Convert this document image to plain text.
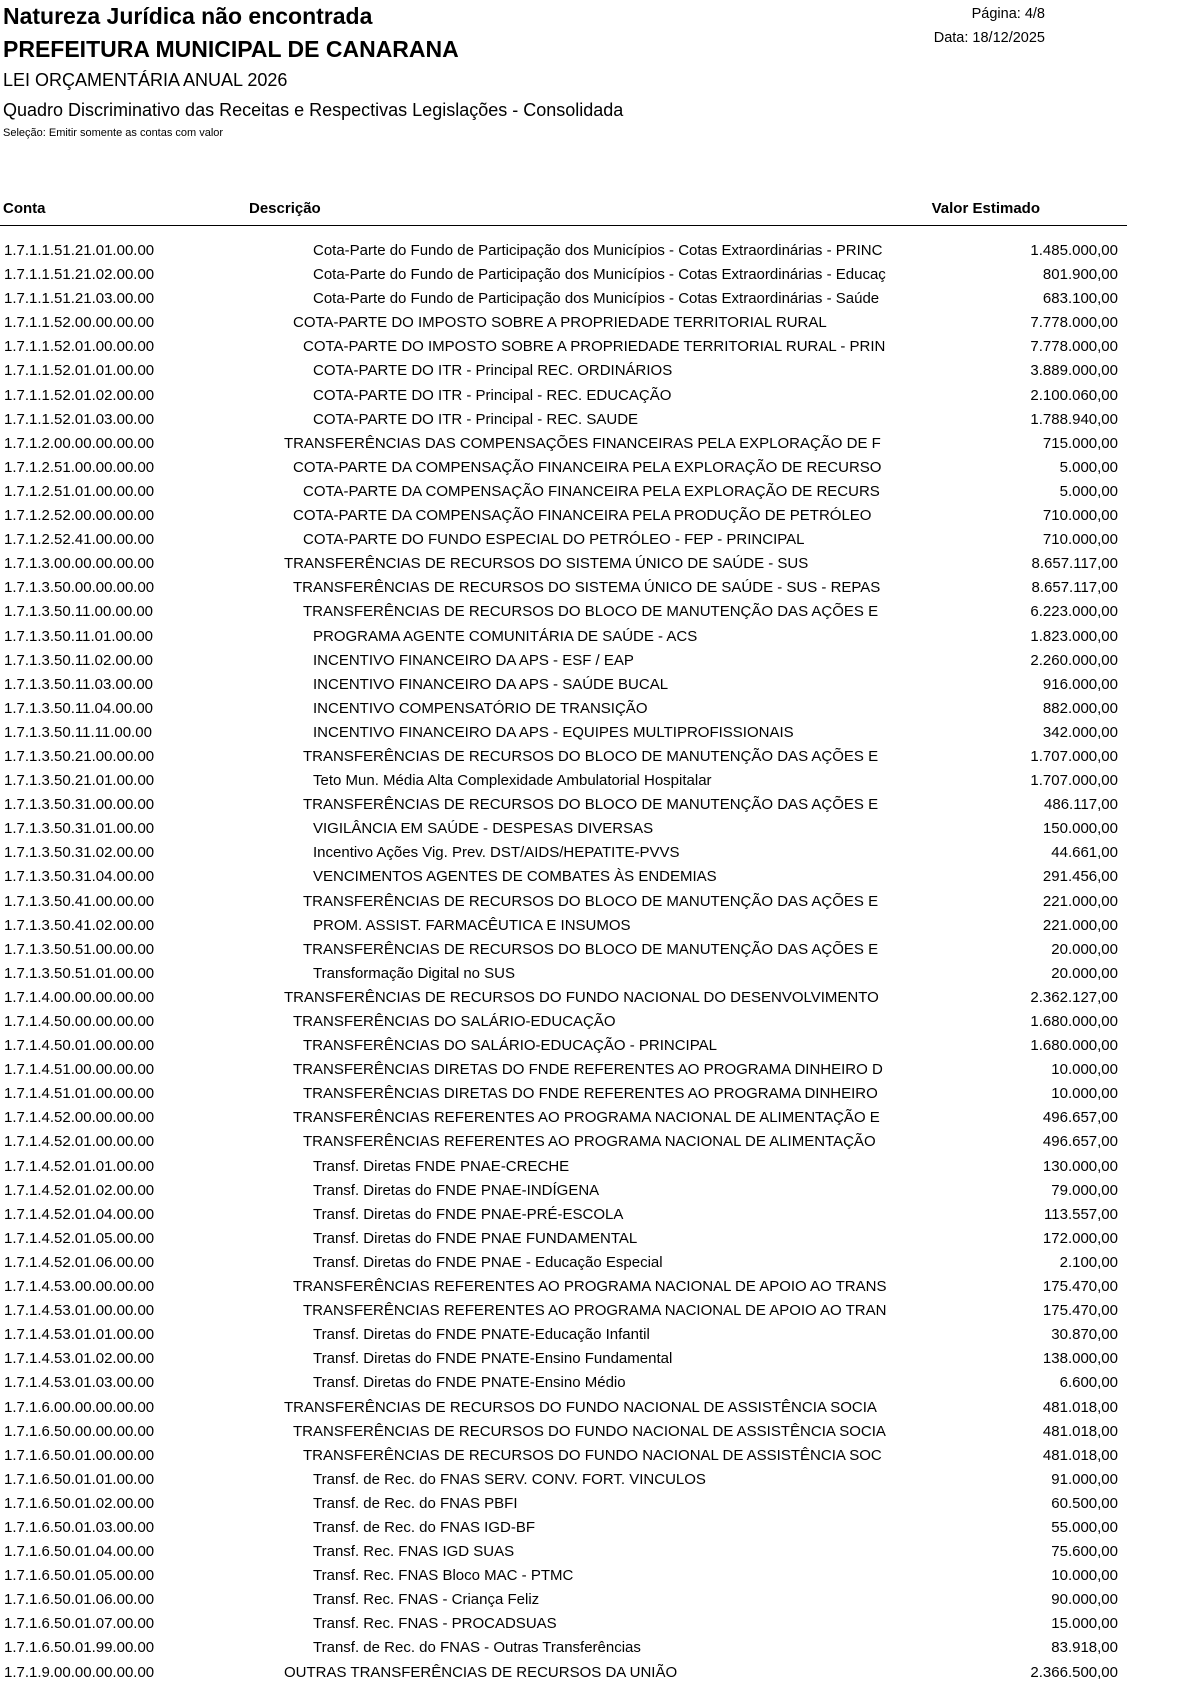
Natureza Jurídica não encontrada
PREFEITURA MUNICIPAL DE CANARANA
LEI ORÇAMENTÁRIA ANUAL 2026
Quadro Discriminativo das Receitas e Respectivas Legislações - Consolidada
Seleção: Emitir somente as contas com valor
Página: 4/8
Data: 18/12/2025
Conta	Descrição	Valor Estimado
1.7.1.1.51.21.01.00.00	Cota-Parte do Fundo de Participação dos Municípios - Cotas Extraordinárias - PRINC	1.485.000,00
1.7.1.1.51.21.02.00.00	Cota-Parte do Fundo de Participação dos Municípios - Cotas Extraordinárias - Educaç	801.900,00
1.7.1.1.51.21.03.00.00	Cota-Parte do Fundo de Participação dos Municípios - Cotas Extraordinárias - Saúde	683.100,00
1.7.1.1.52.00.00.00.00	COTA-PARTE DO IMPOSTO SOBRE A PROPRIEDADE TERRITORIAL RURAL	7.778.000,00
1.7.1.1.52.01.00.00.00	COTA-PARTE DO IMPOSTO SOBRE A PROPRIEDADE TERRITORIAL RURAL - PRIN	7.778.000,00
1.7.1.1.52.01.01.00.00	COTA-PARTE DO ITR - Principal REC. ORDINÁRIOS	3.889.000,00
1.7.1.1.52.01.02.00.00	COTA-PARTE DO ITR - Principal - REC. EDUCAÇÃO	2.100.060,00
1.7.1.1.52.01.03.00.00	COTA-PARTE DO ITR - Principal - REC. SAUDE	1.788.940,00
1.7.1.2.00.00.00.00.00	TRANSFERÊNCIAS DAS COMPENSAÇÕES FINANCEIRAS PELA EXPLORAÇÃO DE F	715.000,00
1.7.1.2.51.00.00.00.00	COTA-PARTE DA COMPENSAÇÃO FINANCEIRA PELA EXPLORAÇÃO DE RECURSO	5.000,00
1.7.1.2.51.01.00.00.00	COTA-PARTE DA COMPENSAÇÃO FINANCEIRA PELA EXPLORAÇÃO DE RECURS	5.000,00
1.7.1.2.52.00.00.00.00	COTA-PARTE DA COMPENSAÇÃO FINANCEIRA PELA PRODUÇÃO DE PETRÓLEO	710.000,00
1.7.1.2.52.41.00.00.00	COTA-PARTE DO FUNDO ESPECIAL DO PETRÓLEO - FEP - PRINCIPAL	710.000,00
1.7.1.3.00.00.00.00.00	TRANSFERÊNCIAS DE RECURSOS DO SISTEMA ÚNICO DE SAÚDE - SUS	8.657.117,00
1.7.1.3.50.00.00.00.00	TRANSFERÊNCIAS DE RECURSOS DO SISTEMA ÚNICO DE SAÚDE - SUS - REPAS	8.657.117,00
1.7.1.3.50.11.00.00.00	TRANSFERÊNCIAS DE RECURSOS DO BLOCO DE MANUTENÇÃO DAS AÇÕES E	6.223.000,00
1.7.1.3.50.11.01.00.00	PROGRAMA AGENTE COMUNITÁRIA DE SAÚDE - ACS	1.823.000,00
1.7.1.3.50.11.02.00.00	INCENTIVO FINANCEIRO DA APS - ESF / EAP	2.260.000,00
1.7.1.3.50.11.03.00.00	INCENTIVO FINANCEIRO DA APS - SAÚDE BUCAL	916.000,00
1.7.1.3.50.11.04.00.00	INCENTIVO COMPENSATÓRIO DE TRANSIÇÃO	882.000,00
1.7.1.3.50.11.11.00.00	INCENTIVO FINANCEIRO DA APS - EQUIPES MULTIPROFISSIONAIS	342.000,00
1.7.1.3.50.21.00.00.00	TRANSFERÊNCIAS DE RECURSOS DO BLOCO DE MANUTENÇÃO DAS AÇÕES E	1.707.000,00
1.7.1.3.50.21.01.00.00	Teto Mun. Média Alta Complexidade Ambulatorial Hospitalar	1.707.000,00
1.7.1.3.50.31.00.00.00	TRANSFERÊNCIAS DE RECURSOS DO BLOCO DE MANUTENÇÃO DAS AÇÕES E	486.117,00
1.7.1.3.50.31.01.00.00	VIGILÂNCIA EM SAÚDE - DESPESAS DIVERSAS	150.000,00
1.7.1.3.50.31.02.00.00	Incentivo Ações Vig. Prev. DST/AIDS/HEPATITE-PVVS	44.661,00
1.7.1.3.50.31.04.00.00	VENCIMENTOS AGENTES DE COMBATES ÀS ENDEMIAS	291.456,00
1.7.1.3.50.41.00.00.00	TRANSFERÊNCIAS DE RECURSOS DO BLOCO DE MANUTENÇÃO DAS AÇÕES E	221.000,00
1.7.1.3.50.41.02.00.00	PROM. ASSIST. FARMACÊUTICA E INSUMOS	221.000,00
1.7.1.3.50.51.00.00.00	TRANSFERÊNCIAS DE RECURSOS DO BLOCO DE MANUTENÇÃO DAS AÇÕES E	20.000,00
1.7.1.3.50.51.01.00.00	Transformação Digital no SUS	20.000,00
1.7.1.4.00.00.00.00.00	TRANSFERÊNCIAS DE RECURSOS DO FUNDO NACIONAL DO DESENVOLVIMENTO	2.362.127,00
1.7.1.4.50.00.00.00.00	TRANSFERÊNCIAS DO SALÁRIO-EDUCAÇÃO	1.680.000,00
1.7.1.4.50.01.00.00.00	TRANSFERÊNCIAS DO SALÁRIO-EDUCAÇÃO - PRINCIPAL	1.680.000,00
1.7.1.4.51.00.00.00.00	TRANSFERÊNCIAS DIRETAS DO FNDE REFERENTES AO PROGRAMA DINHEIRO D	10.000,00
1.7.1.4.51.01.00.00.00	TRANSFERÊNCIAS DIRETAS DO FNDE REFERENTES AO PROGRAMA DINHEIRO	10.000,00
1.7.1.4.52.00.00.00.00	TRANSFERÊNCIAS REFERENTES AO PROGRAMA NACIONAL DE ALIMENTAÇÃO E	496.657,00
1.7.1.4.52.01.00.00.00	TRANSFERÊNCIAS REFERENTES AO PROGRAMA NACIONAL DE ALIMENTAÇÃO	496.657,00
1.7.1.4.52.01.01.00.00	Transf. Diretas FNDE PNAE-CRECHE	130.000,00
1.7.1.4.52.01.02.00.00	Transf. Diretas do FNDE PNAE-INDÍGENA	79.000,00
1.7.1.4.52.01.04.00.00	Transf. Diretas do FNDE PNAE-PRÉ-ESCOLA	113.557,00
1.7.1.4.52.01.05.00.00	Transf. Diretas do FNDE PNAE FUNDAMENTAL	172.000,00
1.7.1.4.52.01.06.00.00	Transf. Diretas do FNDE PNAE - Educação Especial	2.100,00
1.7.1.4.53.00.00.00.00	TRANSFERÊNCIAS REFERENTES AO PROGRAMA NACIONAL DE APOIO AO TRANS	175.470,00
1.7.1.4.53.01.00.00.00	TRANSFERÊNCIAS REFERENTES AO PROGRAMA NACIONAL DE APOIO AO TRAN	175.470,00
1.7.1.4.53.01.01.00.00	Transf. Diretas do FNDE PNATE-Educação Infantil	30.870,00
1.7.1.4.53.01.02.00.00	Transf. Diretas do FNDE PNATE-Ensino Fundamental	138.000,00
1.7.1.4.53.01.03.00.00	Transf. Diretas do FNDE PNATE-Ensino Médio	6.600,00
1.7.1.6.00.00.00.00.00	TRANSFERÊNCIAS DE RECURSOS DO FUNDO NACIONAL DE ASSISTÊNCIA SOCIA	481.018,00
1.7.1.6.50.00.00.00.00	TRANSFERÊNCIAS DE RECURSOS DO FUNDO NACIONAL DE ASSISTÊNCIA SOCIA	481.018,00
1.7.1.6.50.01.00.00.00	TRANSFERÊNCIAS DE RECURSOS DO FUNDO NACIONAL DE ASSISTÊNCIA SOC	481.018,00
1.7.1.6.50.01.01.00.00	Transf. de Rec. do FNAS SERV. CONV. FORT. VINCULOS	91.000,00
1.7.1.6.50.01.02.00.00	Transf. de Rec. do FNAS PBFI	60.500,00
1.7.1.6.50.01.03.00.00	Transf. de Rec. do FNAS IGD-BF	55.000,00
1.7.1.6.50.01.04.00.00	Transf. Rec. FNAS IGD SUAS	75.600,00
1.7.1.6.50.01.05.00.00	Transf. Rec. FNAS Bloco MAC - PTMC	10.000,00
1.7.1.6.50.01.06.00.00	Transf. Rec. FNAS - Criança Feliz	90.000,00
1.7.1.6.50.01.07.00.00	Transf. Rec. FNAS - PROCADSUAS	15.000,00
1.7.1.6.50.01.99.00.00	Transf. de Rec. do FNAS - Outras Transferências	83.918,00
1.7.1.9.00.00.00.00.00	OUTRAS TRANSFERÊNCIAS DE RECURSOS DA UNIÃO	2.366.500,00
